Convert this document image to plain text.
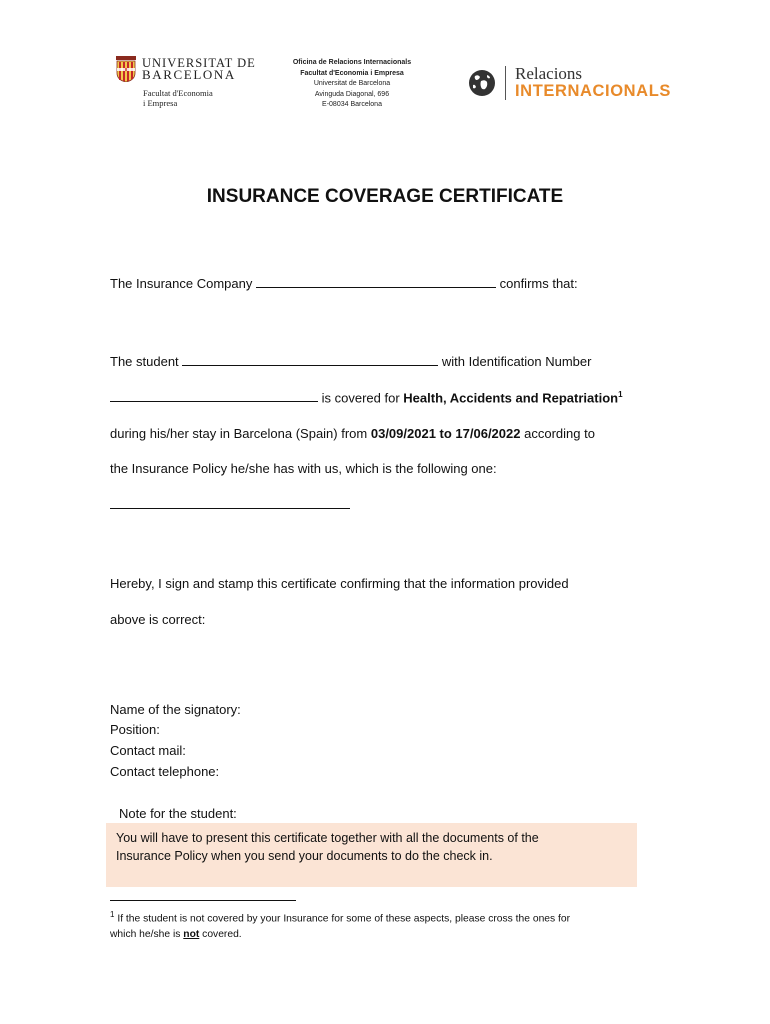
UNIVERSITAT DE
BARCELONA
Facultat d'Economia
i Empresa
Oficina de Relacions Internacionals
Facultat d'Economia i Empresa
Universitat de Barcelona
Avinguda Diagonal, 696
E-08034 Barcelona
Relacions
INTERNACIONALS
INSURANCE COVERAGE CERTIFICATE
The Insurance Company	confirms that:
The student	with Identification Number
is covered for Health, Accidents and Repatriation$^1$
during his/her stay in Barcelona (Spain) from 03/09/2021 to 17/06/2022 according to
the Insurance Policy he/she has with us, which is the following one:
Hereby, I sign and stamp this certificate confirming that the information provided
above is correct:
Name of the signatory:
Position:
Contact mail:
Contact telephone:
Note for the student:
You will have to present this certificate together with all the documents of the
Insurance Policy when you send your documents to do the check in.
$^1$ If the student is not covered by your Insurance for some of these aspects, please cross the ones for
which he/she is not covered.
